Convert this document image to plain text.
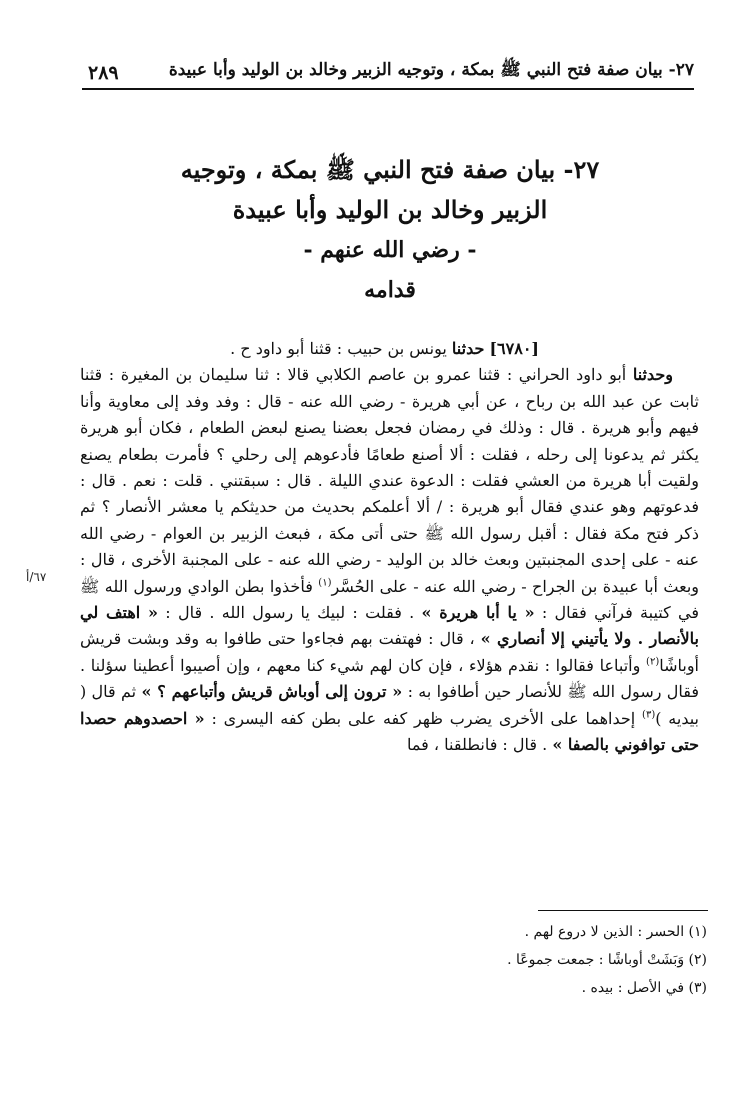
٢٧- بيان صفة فتح النبي ﷺ بمكة ، وتوجيه الزبير وخالد بن الوليد وأبا عبيدة
٢٨٩
٢٧- بيان صفة فتح النبي ﷺ بمكة ، وتوجيه
الزبير وخالد بن الوليد وأبا عبيدة
- رضي الله عنهم -
قدامه
٦٧/أ

[٦٧٨٠] حدثنا يونس بن حبيب : قثنا أبو داود ح .

وحدثنا أبو داود الحراني : قثنا عمرو بن عاصم الكلابي قالا : ثنا سليمان بن المغيرة : قثنا ثابت عن عبد الله بن رباح ، عن أبي هريرة - رضي الله عنه - قال : وفد وفد إلى معاوية وأنا فيهم وأبو هريرة . قال : وذلك في رمضان فجعل بعضنا يصنع لبعض الطعام ، فكان أبو هريرة يكثر ثم يدعونا إلى رحله ، فقلت : ألا أصنع طعامًا فأدعوهم إلى رحلي ؟ فأمرت بطعام يصنع ولقيت أبا هريرة من العشي فقلت : الدعوة عندي الليلة . قال : سبقتني . قلت : نعم . قال : فدعوتهم وهو عندي فقال أبو هريرة : / ألا أعلمكم بحديث من حديثكم يا معشر الأنصار ؟ ثم ذكر فتح مكة فقال : أقبل رسول الله ﷺ حتى أتى مكة ، فبعث الزبير بن العوام - رضي الله عنه - على إحدى المجنبتين وبعث خالد بن الوليد - رضي الله عنه - على المجنبة الأخرى ، قال : وبعث أبا عبيدة بن الجراح - رضي الله عنه - على الحُسَّر$^{(١)}$ فأخذوا بطن الوادي ورسول الله ﷺ في كتيبة فرآني فقال : « يا أبا هريرة » . فقلت : لبيك يا رسول الله . قال : « اهتف لي بالأنصار . ولا يأتيني إلا أنصاري » ، قال : فهتفت بهم فجاءوا حتى طافوا به وقد وبشت قريش أوباشًا$^{(٢)}$ وأتباعا فقالوا : نقدم هؤلاء ، فإن كان لهم شيء كنا معهم ، وإن أصيبوا أعطينا سؤلنا . فقال رسول الله ﷺ للأنصار حين أطافوا به : « ترون إلى أوباش قريش وأتباعهم ؟ » ثم قال ( بيديه )$^{(٣)}$ إحداهما على الأخرى يضرب ظهر كفه على بطن كفه اليسرى : « احصدوهم حصدا حتى توافوني بالصفا » . قال : فانطلقنا ، فما

(١) الحسر : الذين لا دروع لهم .
(٢) وَبَشَتْ أوباشًا : جمعت جموعًا .
(٣) في الأصل : بيده .
